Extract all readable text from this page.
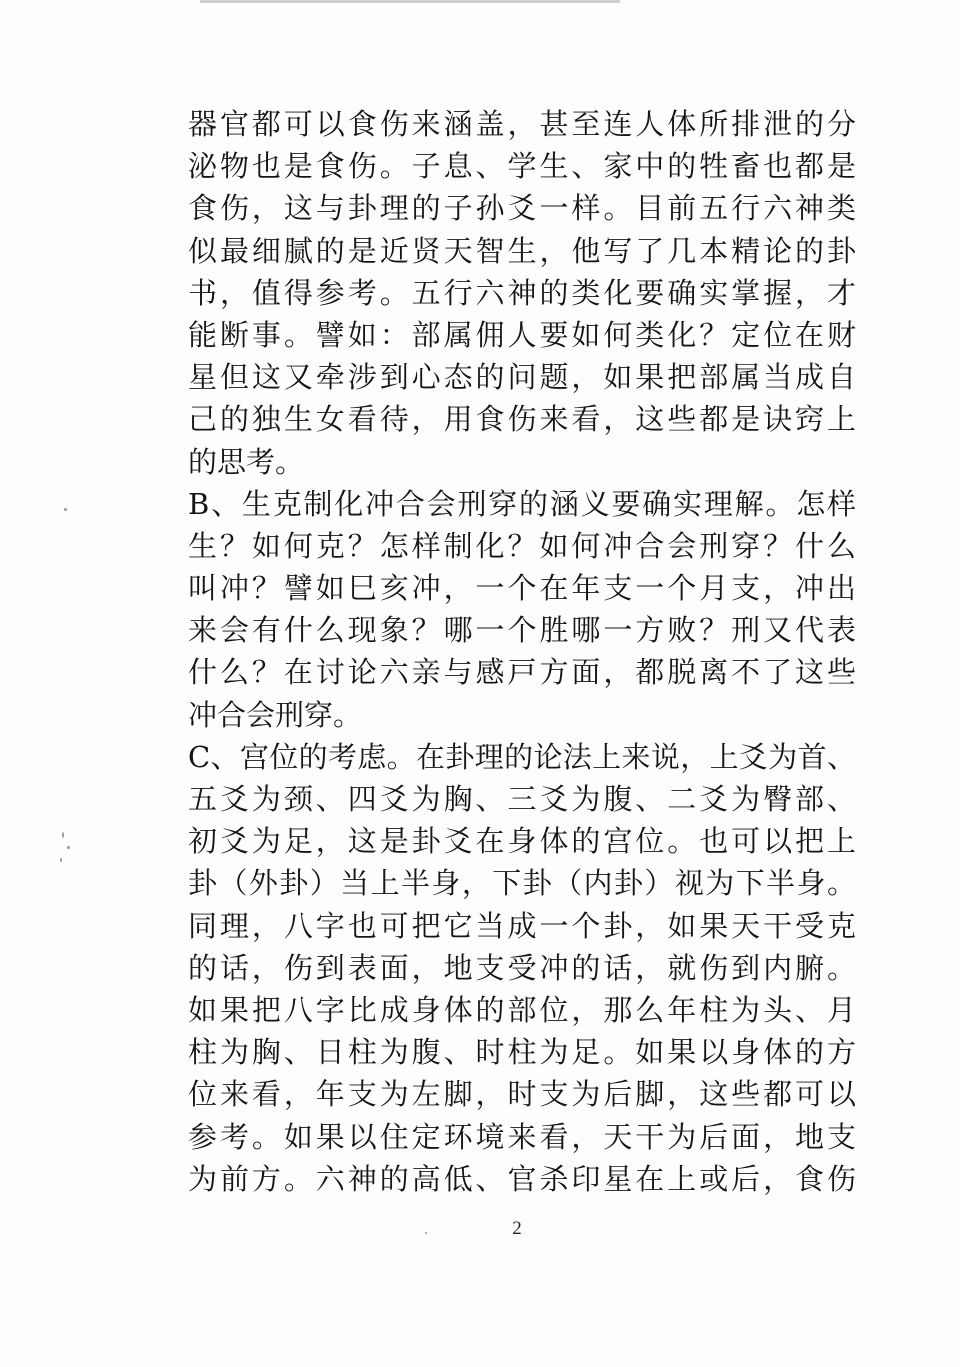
器官都可以食伤来涵盖，甚至连人体所排泄的分
泌物也是食伤。子息、学生、家中的牲畜也都是
食伤，这与卦理的子孙爻一样。目前五行六神类
似最细腻的是近贤天智生，他写了几本精论的卦
书，值得参考。五行六神的类化要确实掌握，才
能断事。譬如：部属佣人要如何类化？定位在财
星但这又牵涉到心态的问题，如果把部属当成自
己的独生女看待，用食伤来看，这些都是诀窍上
的思考。
B、生克制化冲合会刑穿的涵义要确实理解。怎样
生？如何克？怎样制化？如何冲合会刑穿？什么
叫冲？譬如巳亥冲，一个在年支一个月支，冲出
来会有什么现象？哪一个胜哪一方败？刑又代表
什么？在讨论六亲与感戸方面，都脱离不了这些
冲合会刑穿。
C、宫位的考虑。在卦理的论法上来说，上爻为首、
五爻为颈、四爻为胸、三爻为腹、二爻为臀部、
初爻为足，这是卦爻在身体的宫位。也可以把上
卦（外卦）当上半身，下卦（内卦）视为下半身。
同理，八字也可把它当成一个卦，如果天干受克
的话，伤到表面，地支受冲的话，就伤到内腑。
如果把八字比成身体的部位，那么年柱为头、月
柱为胸、日柱为腹、时柱为足。如果以身体的方
位来看，年支为左脚，时支为后脚，这些都可以
参考。如果以住定环境来看，天干为后面，地支
为前方。六神的高低、官杀印星在上或后，食伤
2
